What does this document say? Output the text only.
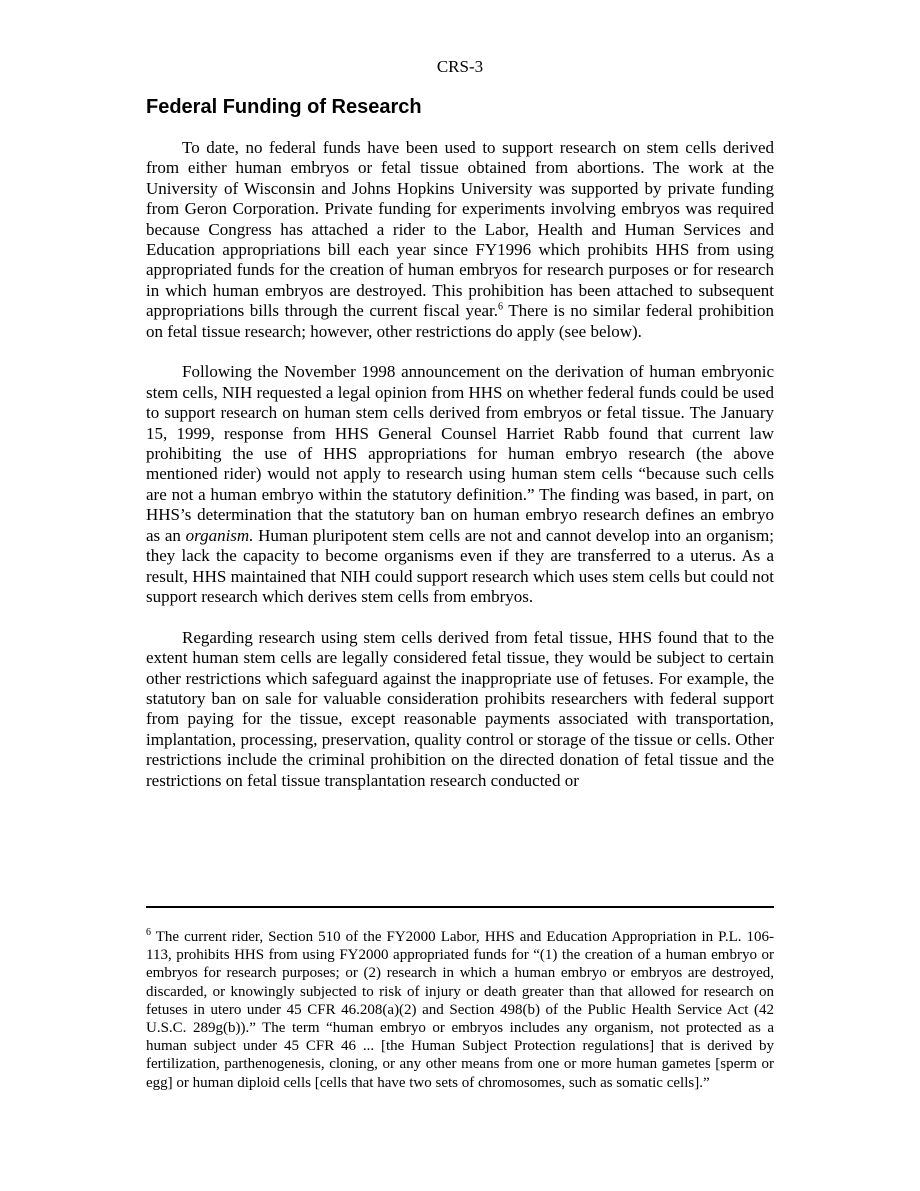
CRS-3
Federal Funding of Research

To date, no federal funds have been used to support research on stem cells derived from either human embryos or fetal tissue obtained from abortions. The work at the University of Wisconsin and Johns Hopkins University was supported by private funding from Geron Corporation. Private funding for experiments involving embryos was required because Congress has attached a rider to the Labor, Health and Human Services and Education appropriations bill each year since FY1996 which prohibits HHS from using appropriated funds for the creation of human embryos for research purposes or for research in which human embryos are destroyed. This prohibition has been attached to subsequent appropriations bills through the current fiscal year.$^6$ There is no similar federal prohibition on fetal tissue research; however, other restrictions do apply (see below).

Following the November 1998 announcement on the derivation of human embryonic stem cells, NIH requested a legal opinion from HHS on whether federal funds could be used to support research on human stem cells derived from embryos or fetal tissue. The January 15, 1999, response from HHS General Counsel Harriet Rabb found that current law prohibiting the use of HHS appropriations for human embryo research (the above mentioned rider) would not apply to research using human stem cells “because such cells are not a human embryo within the statutory definition.” The finding was based, in part, on HHS’s determination that the statutory ban on human embryo research defines an embryo as an organism. Human pluripotent stem cells are not and cannot develop into an organism; they lack the capacity to become organisms even if they are transferred to a uterus. As a result, HHS maintained that NIH could support research which uses stem cells but could not support research which derives stem cells from embryos.

Regarding research using stem cells derived from fetal tissue, HHS found that to the extent human stem cells are legally considered fetal tissue, they would be subject to certain other restrictions which safeguard against the inappropriate use of fetuses. For example, the statutory ban on sale for valuable consideration prohibits researchers with federal support from paying for the tissue, except reasonable payments associated with transportation, implantation, processing, preservation, quality control or storage of the tissue or cells. Other restrictions include the criminal prohibition on the directed donation of fetal tissue and the restrictions on fetal tissue transplantation research conducted or

$^6$ The current rider, Section 510 of the FY2000 Labor, HHS and Education Appropriation in P.L. 106-113, prohibits HHS from using FY2000 appropriated funds for “(1) the creation of a human embryo or embryos for research purposes; or (2) research in which a human embryo or embryos are destroyed, discarded, or knowingly subjected to risk of injury or death greater than that allowed for research on fetuses in utero under 45 CFR 46.208(a)(2) and Section 498(b) of the Public Health Service Act (42 U.S.C. 289g(b)).” The term “human embryo or embryos includes any organism, not protected as a human subject under 45 CFR 46 ... [the Human Subject Protection regulations] that is derived by fertilization, parthenogenesis, cloning, or any other means from one or more human gametes [sperm or egg] or human diploid cells [cells that have two sets of chromosomes, such as somatic cells].”
